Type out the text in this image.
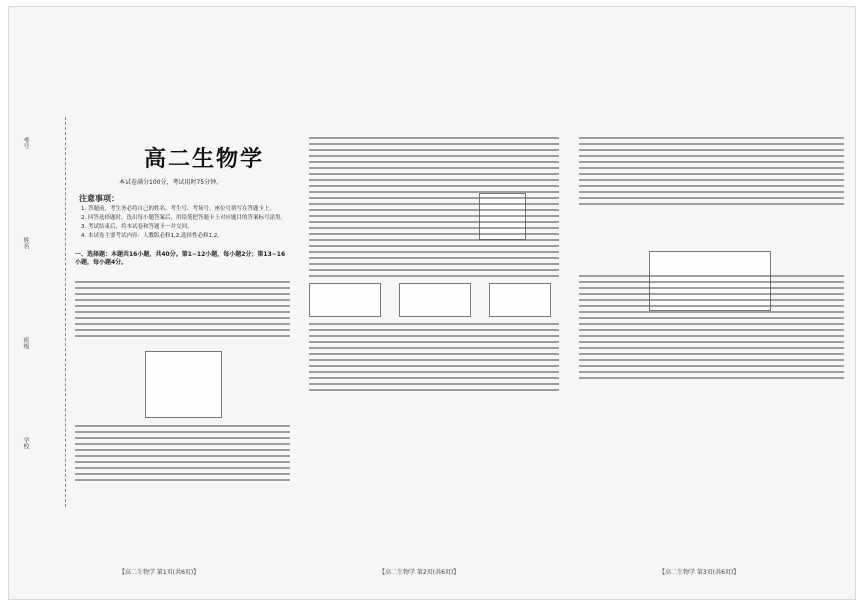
考号
姓名
班级
学校
高二生物学
本试卷满分100分，考试用时75分钟。
注意事项：
1. 答题前，考生务必将自己的姓名、考生号、考场号、座位号填写在答题卡上。
2. 回答选择题时，选出每小题答案后，用铅笔把答题卡上对应题目的答案标号涂黑。
3. 考试结束后，将本试卷和答题卡一并交回。
4. 本试卷主要考试内容：人教版必修1,2,选择性必修1,2。
一、选择题：本题共16小题，共40分。第1~12小题，每小题2分；第13~16小题，每小题4分。
【高二生物学 第1页(共6页)】	【高二生物学 第2页(共6页)】	【高二生物学 第3页(共6页)】
